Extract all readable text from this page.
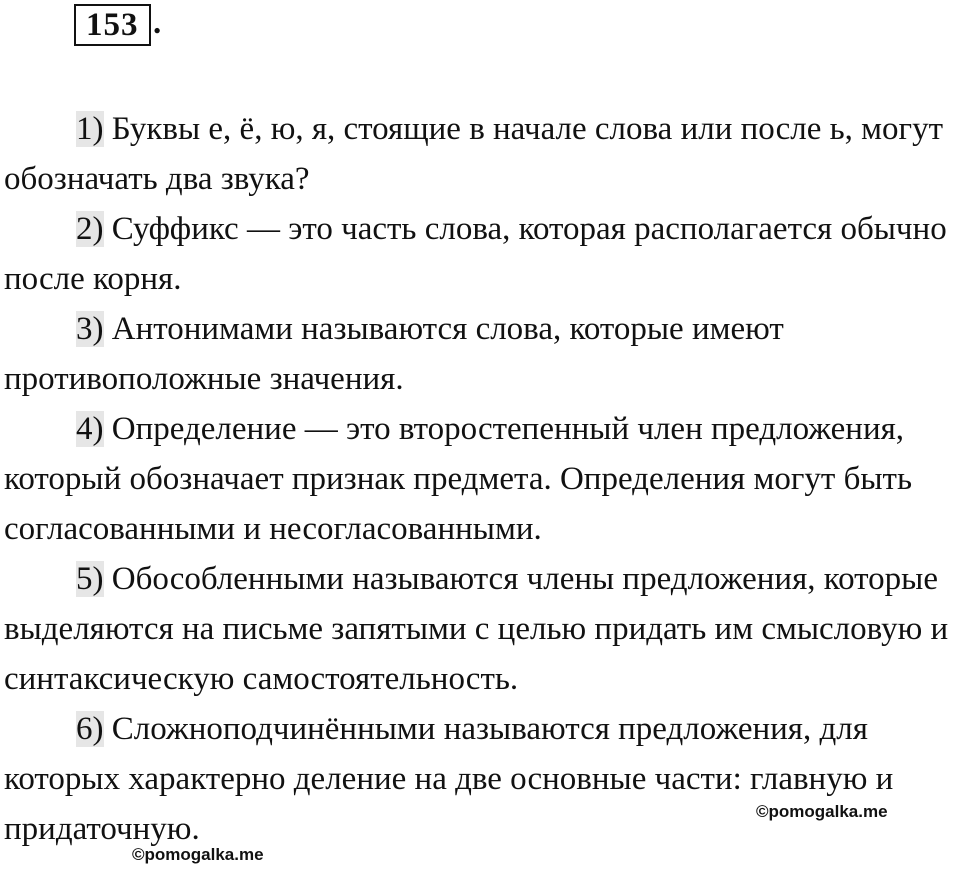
153 .

1) Буквы е, ё, ю, я, стоящие в начале слова или после ь, могут обозначать два звука?

2) Суффикс — это часть слова, которая располагается обычно после корня.

3) Антонимами называются слова, которые имеют противоположные значения.

4) Определение — это второстепенный член предложения, который обозначает признак предмета. Определения могут быть согласованными и несогласованными.

5) Обособленными называются члены предложения, которые выделяются на письме запятыми с целью придать им смысловую и синтаксическую самостоятельность.

6) Сложноподчинёнными называются предложения, для которых характерно деление на две основные части: главную и придаточную.	©pomogalka.me
©pomogalka.me
